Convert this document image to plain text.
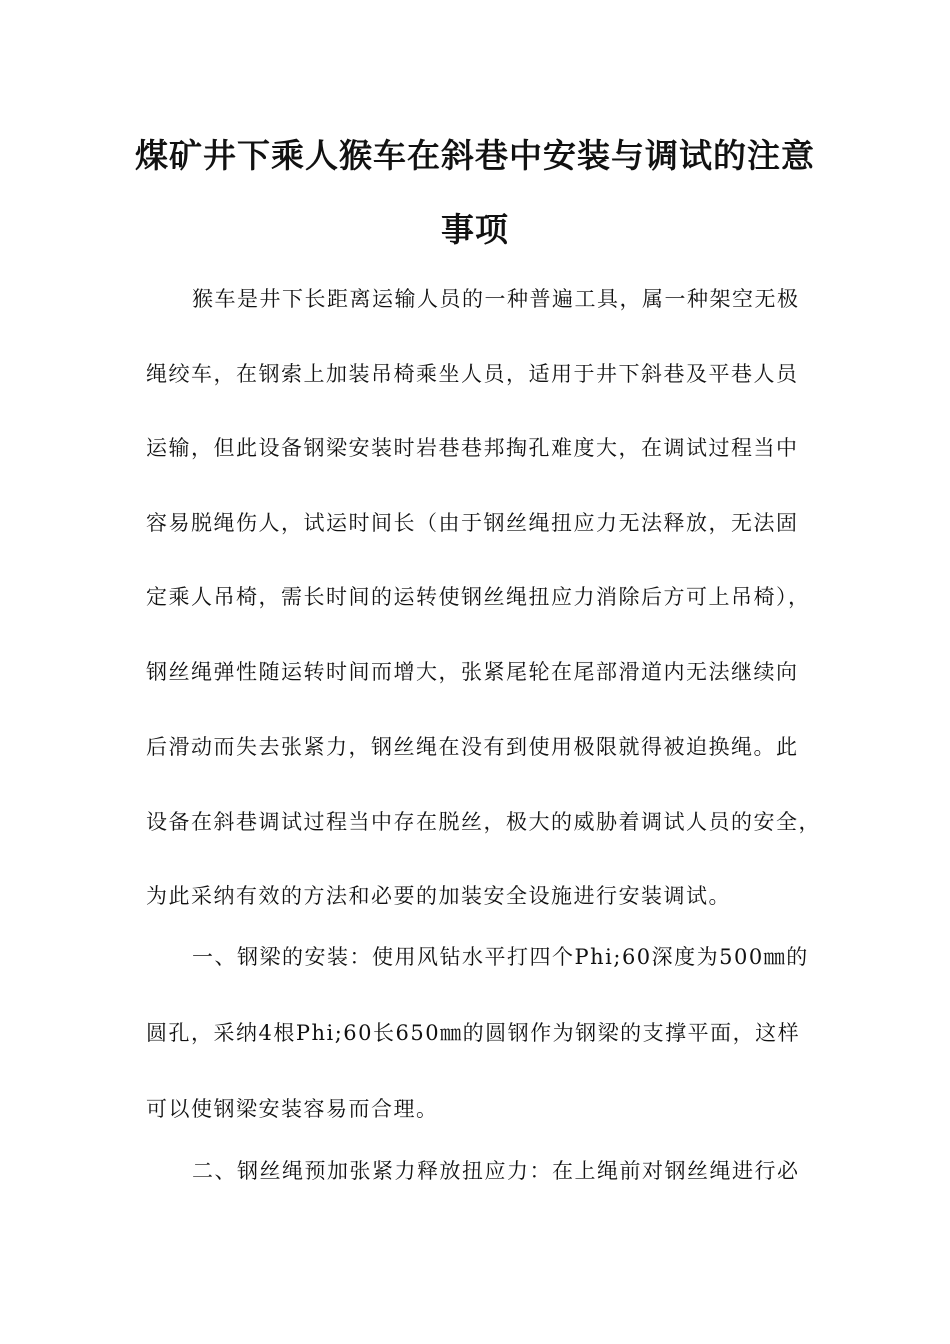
煤矿井下乘人猴车在斜巷中安装与调试的注意
事项

猴车是井下长距离运输人员的一种普遍工具，属一种架空无极

绳绞车，在钢索上加装吊椅乘坐人员，适用于井下斜巷及平巷人员

运输，但此设备钢梁安装时岩巷巷邦掏孔难度大，在调试过程当中

容易脱绳伤人，试运时间长（由于钢丝绳扭应力无法释放，无法固

定乘人吊椅，需长时间的运转使钢丝绳扭应力消除后方可上吊椅），

钢丝绳弹性随运转时间而增大，张紧尾轮在尾部滑道内无法继续向

后滑动而失去张紧力，钢丝绳在没有到使用极限就得被迫换绳。此

设备在斜巷调试过程当中存在脱丝，极大的威胁着调试人员的安全，

为此采纳有效的方法和必要的加装安全设施进行安装调试。

一、钢梁的安装：使用风钻水平打四个Phi;60深度为500㎜的

圆孔，采纳4根Phi;60长650㎜的圆钢作为钢梁的支撑平面，这样

可以使钢梁安装容易而合理。

二、钢丝绳预加张紧力释放扭应力：在上绳前对钢丝绳进行必
